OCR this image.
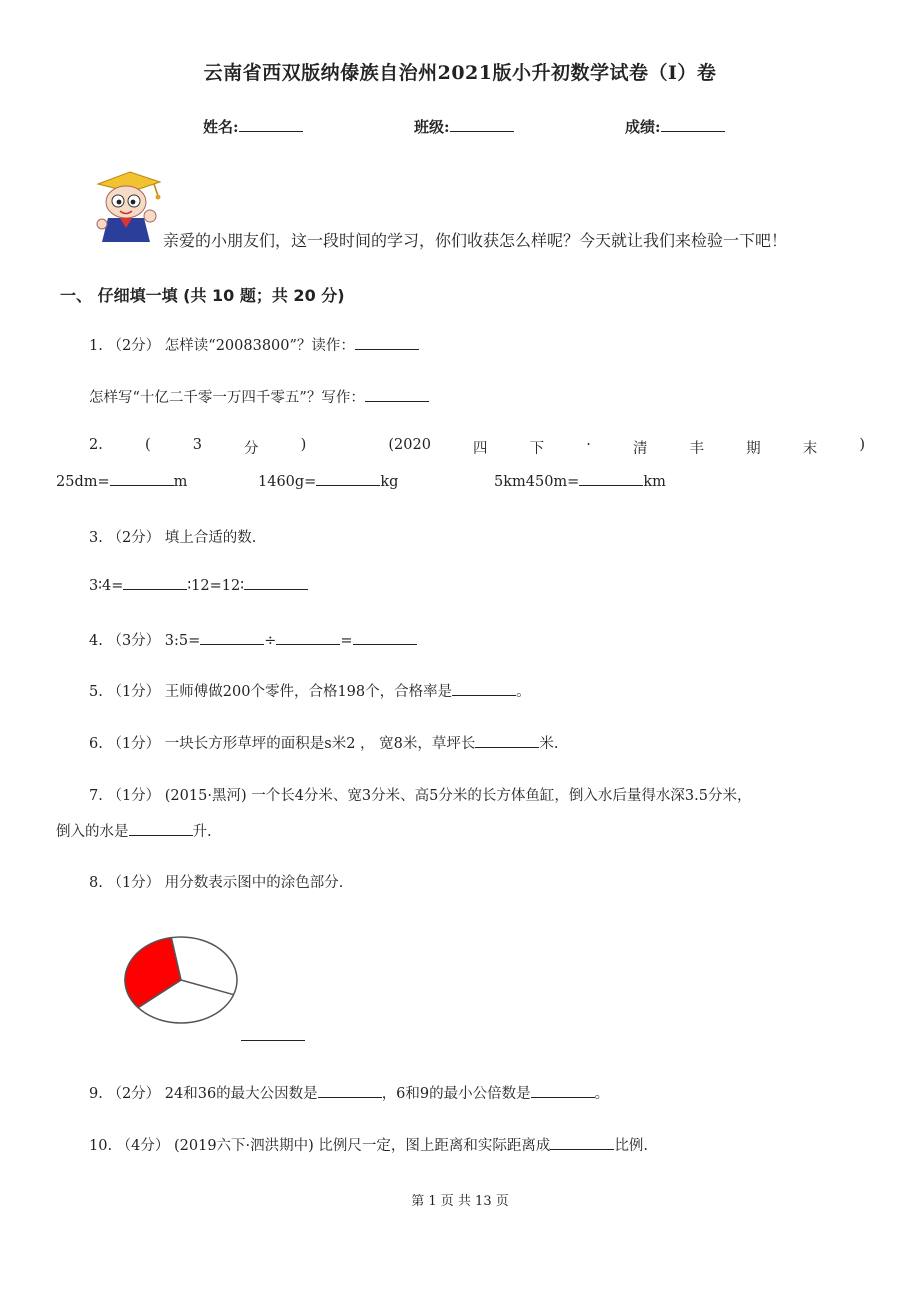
云南省西双版纳傣族自治州2021版小升初数学试卷（I）卷
姓名:	班级:	成绩:
亲爱的小朋友们，这一段时间的学习，你们收获怎么样呢？今天就让我们来检验一下吧！
一、 仔细填一填 (共 10 题；共 20 分)
1. （2分） 怎样读“20083800”？读作：
怎样写“十亿二千零一万四千零五”？写作：
2.	(	3	分	)	(2020	四	下	·	清	丰	期	末	)
25dm=	m	1460g=	kg	5km450m=	km
3. （2分） 填上合适的数.
3∶4=	∶12=12∶
4. （3分） 3:5=	÷	=
5. （1分） 王师傅做200个零件，合格198个，合格率是	。
6. （1分） 一块长方形草坪的面积是s米2 ， 宽8米，草坪长	米.
7. （1分） (2015·黑河) 一个长4分米、宽3分米、高5分米的长方体鱼缸，倒入水后量得水深3.5分米，
倒入的水是	升.
8. （1分） 用分数表示图中的涂色部分.
9. （2分） 24和36的最大公因数是	，6和9的最小公倍数是	。
10. （4分） (2019六下·泗洪期中) 比例尺一定，图上距离和实际距离成	比例.
第 1 页 共 13 页
